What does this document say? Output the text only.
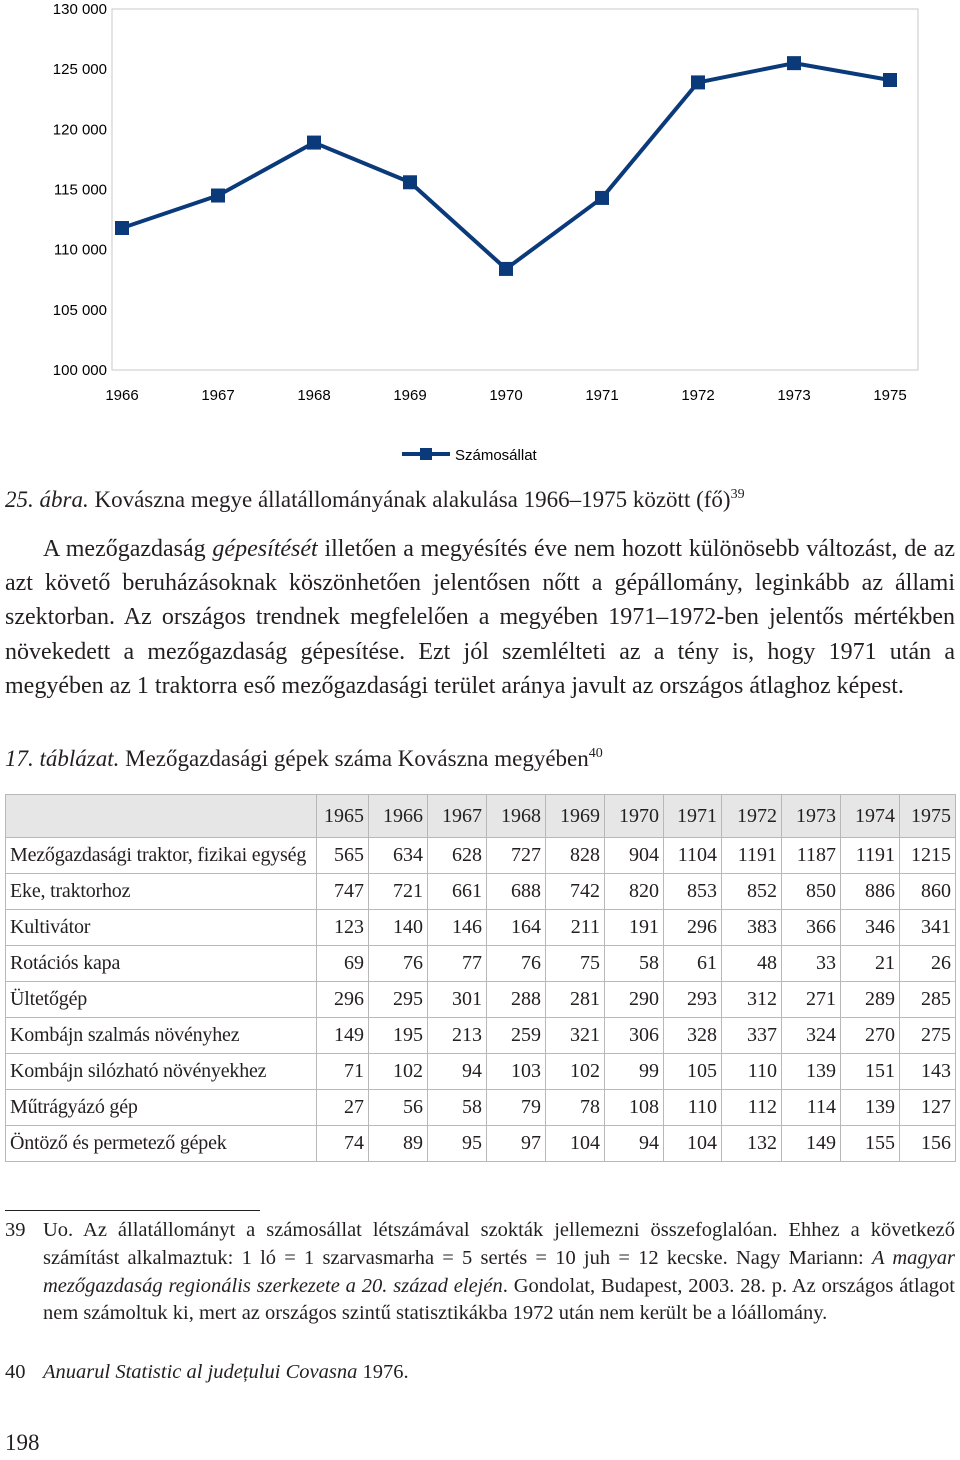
130 000
125 000
120 000
115 000
110 000
105 000
100 000
1966	1967	1968	1969	1970	1971	1972	1973	1975
Számosállat
25. ábra. Kovászna megye állatállományának alakulása 1966–1975 között (fő)$^{39}$

A mezőgazdaság gépesítését illetően a megyésítés éve nem hozott különösebb változást, de az azt követő beruházásoknak köszönhetően jelentősen nőtt a gépállomány, leginkább az állami szektorban. Az országos trendnek megfelelően a megyében 1971–1972-ben jelentős mértékben növekedett a mezőgazdaság gépesítése. Ezt jól szemlélteti az a tény is, hogy 1971 után a megyében az 1 traktorra eső mezőgazdasági terület aránya javult az országos átlaghoz képest.

17. táblázat. Mezőgazdasági gépek száma Kovászna megyében$^{40}$
	1965	1966	1967	1968	1969	1970	1971	1972	1973	1974	1975
Mezőgazdasági traktor, fizikai egység	565	634	628	727	828	904	1104	1191	1187	1191	1215
Eke, traktorhoz	747	721	661	688	742	820	853	852	850	886	860
Kultivátor	123	140	146	164	211	191	296	383	366	346	341
Rotációs kapa	69	76	77	76	75	58	61	48	33	21	26
Ültetőgép	296	295	301	288	281	290	293	312	271	289	285
Kombájn szalmás növényhez	149	195	213	259	321	306	328	337	324	270	275
Kombájn silózható növényekhez	71	102	94	103	102	99	105	110	139	151	143
Műtrágyázó gép	27	56	58	79	78	108	110	112	114	139	127
Öntöző és permetező gépek	74	89	95	97	104	94	104	132	149	155	156
39 Uo. Az állatállományt a számosállat létszámával szokták jellemezni összefoglalóan. Ehhez a következő számítást alkalmaztuk: 1 ló = 1 szarvasmarha = 5 sertés = 10 juh = 12 kecske. Nagy Mariann: A magyar mezőgazdaság regionális szerkezete a 20. század elején. Gondolat, Budapest, 2003. 28. p. Az országos átlagot nem számoltuk ki, mert az országos szintű statisztikákba 1972 után nem került be a lóállomány.
40 Anuarul Statistic al județului Covasna 1976.
198
